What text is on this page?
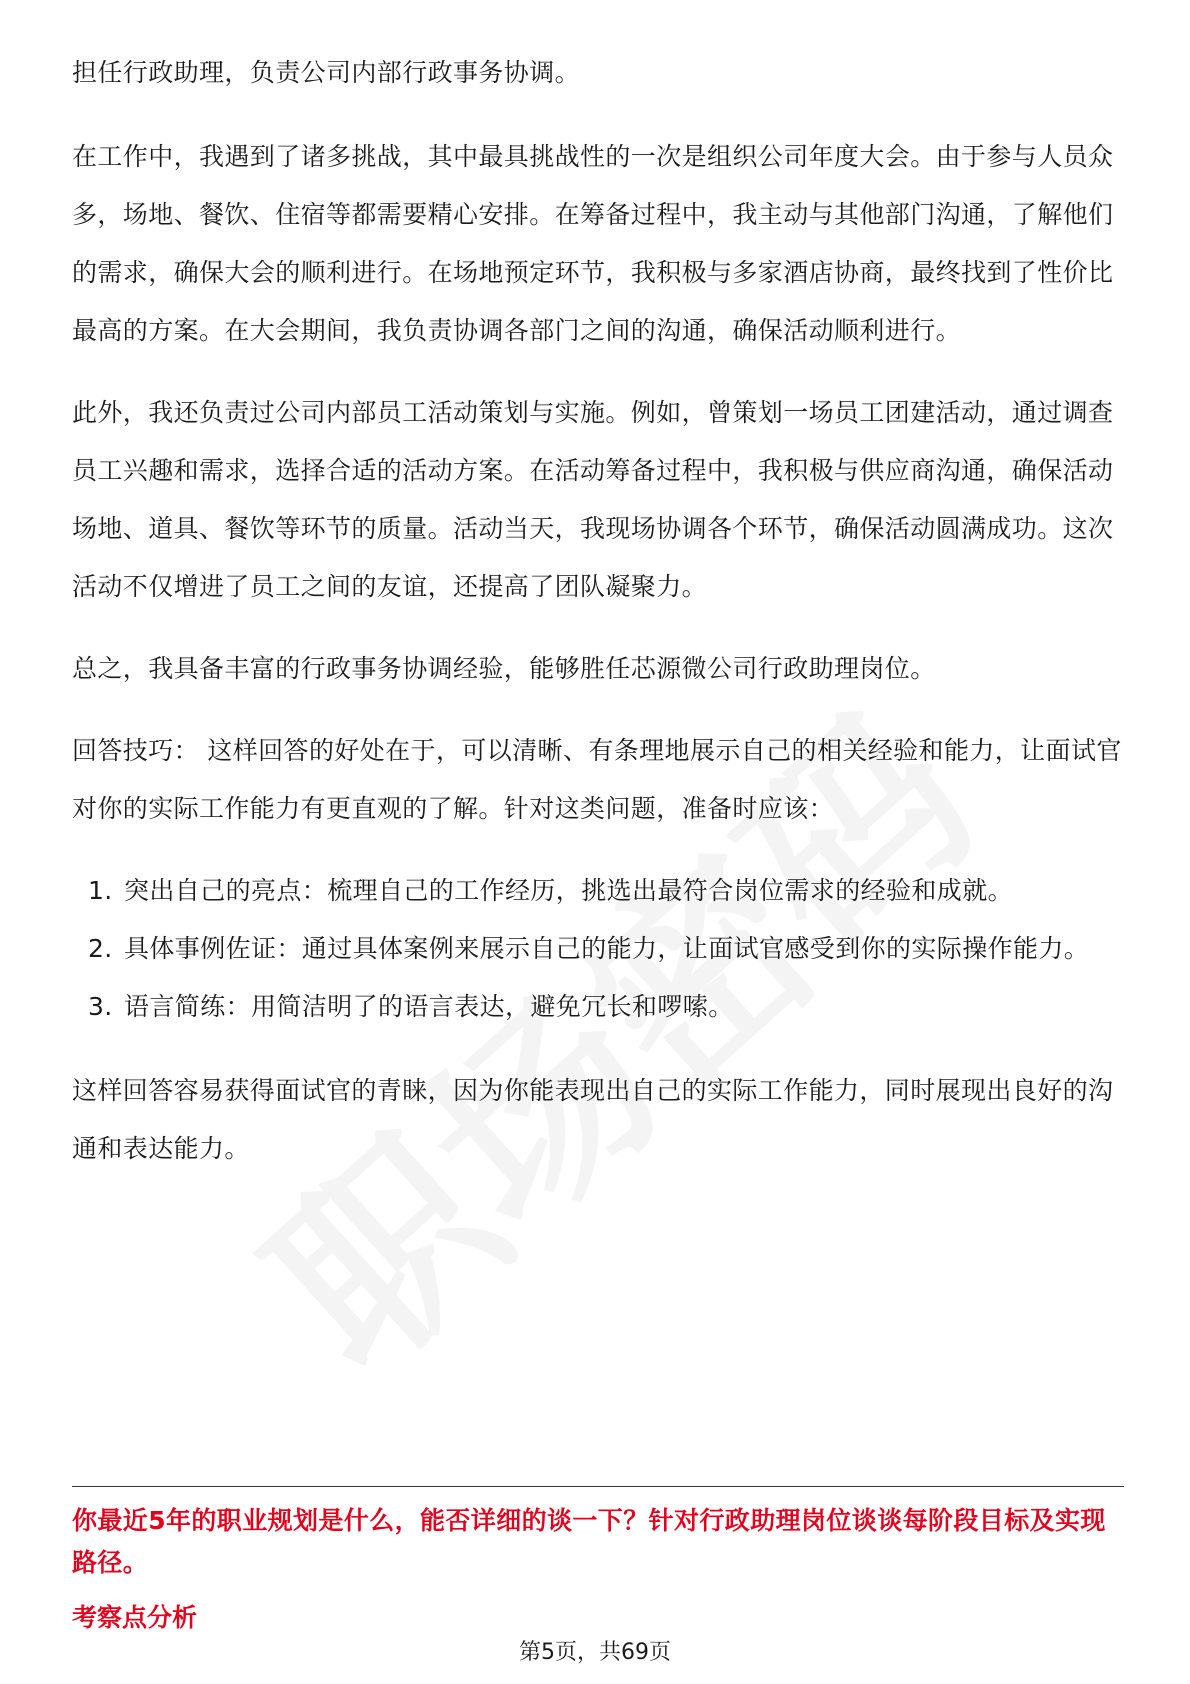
担任行政助理，负责公司内部行政事务协调。

在工作中，我遇到了诸多挑战，其中最具挑战性的一次是组织公司年度大会。由于参与人员众多，场地、餐饮、住宿等都需要精心安排。在筹备过程中，我主动与其他部门沟通，了解他们的需求，确保大会的顺利进行。在场地预定环节，我积极与多家酒店协商，最终找到了性价比最高的方案。在大会期间，我负责协调各部门之间的沟通，确保活动顺利进行。

此外，我还负责过公司内部员工活动策划与实施。例如，曾策划一场员工团建活动，通过调查员工兴趣和需求，选择合适的活动方案。在活动筹备过程中，我积极与供应商沟通，确保活动场地、道具、餐饮等环节的质量。活动当天，我现场协调各个环节，确保活动圆满成功。这次活动不仅增进了员工之间的友谊，还提高了团队凝聚力。

总之，我具备丰富的行政事务协调经验，能够胜任芯源微公司行政助理岗位。

回答技巧： 这样回答的好处在于，可以清晰、有条理地展示自己的相关经验和能力，让面试官对你的实际工作能力有更直观的了解。针对这类问题，准备时应该：

1. 突出自己的亮点：梳理自己的工作经历，挑选出最符合岗位需求的经验和成就。
2. 具体事例佐证：通过具体案例来展示自己的能力，让面试官感受到你的实际操作能力。
3. 语言简练：用简洁明了的语言表达，避免冗长和啰嗦。

这样回答容易获得面试官的青睐，因为你能表现出自己的实际工作能力，同时展现出良好的沟通和表达能力。

你最近5年的职业规划是什么，能否详细的谈一下？针对行政助理岗位谈谈每阶段目标及实现路径。
考察点分析
第5页，共69页
